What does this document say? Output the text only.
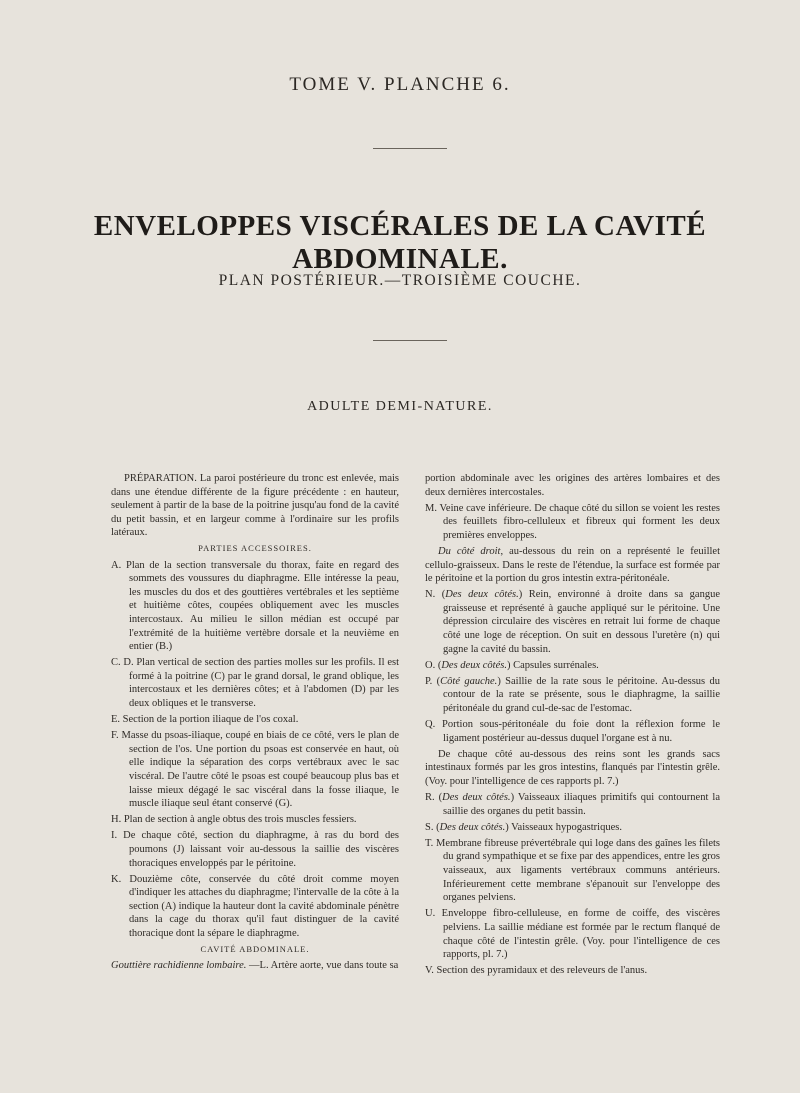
TOME V. PLANCHE 6.
ENVELOPPES VISCÉRALES DE LA CAVITÉ ABDOMINALE.
PLAN POSTÉRIEUR.—TROISIÈME COUCHE.
ADULTE DEMI-NATURE.

PRÉPARATION. La paroi postérieure du tronc est enlevée, mais dans une étendue différente de la figure précédente : en hauteur, seulement à partir de la base de la poitrine jusqu'au fond de la cavité du petit bassin, et en largeur comme à l'ordinaire sur les profils latéraux.

PARTIES ACCESSOIRES.

A. Plan de la section transversale du thorax, faite en regard des sommets des voussures du diaphragme. Elle intéresse la peau, les muscles du dos et des gouttières vertébrales et les septième et huitième côtes, coupées obliquement avec les muscles intercostaux. Au milieu le sillon médian est occupé par l'extrémité de la huitième vertèbre dorsale et la neuvième en entier (B.)

C. D. Plan vertical de section des parties molles sur les profils. Il est formé à la poitrine (C) par le grand dorsal, le grand oblique, les intercostaux et les dernières côtes; et à l'abdomen (D) par les deux obliques et le transverse.

E. Section de la portion iliaque de l'os coxal.

F. Masse du psoas-iliaque, coupé en biais de ce côté, vers le plan de section de l'os. Une portion du psoas est conservée en haut, où elle indique la séparation des corps vertébraux avec le sac viscéral. De l'autre côté le psoas est coupé beaucoup plus bas et laisse mieux dégagé le sac viscéral dans la fosse iliaque, le muscle iliaque seul étant conservé (G).

H. Plan de section à angle obtus des trois muscles fessiers.

I. De chaque côté, section du diaphragme, à ras du bord des poumons (J) laissant voir au-dessous la saillie des viscères thoraciques enveloppés par le péritoine.

K. Douzième côte, conservée du côté droit comme moyen d'indiquer les attaches du diaphragme; l'intervalle de la côte à la section (A) indique la hauteur dont la cavité abdominale pénètre dans la cage du thorax qu'il faut distinguer de la cavité thoracique dont la sépare le diaphragme.

CAVITÉ ABDOMINALE.

Gouttière rachidienne lombaire. —L. Artère aorte, vue dans toute sa

portion abdominale avec les origines des artères lombaires et des deux dernières intercostales.

M. Veine cave inférieure. De chaque côté du sillon se voient les restes des feuillets fibro-celluleux et fibreux qui forment les deux premières enveloppes.

Du côté droit, au-dessous du rein on a représenté le feuillet cellulo-graisseux. Dans le reste de l'étendue, la surface est formée par le péritoine et la portion du gros intestin extra-péritonéale.

N. (Des deux côtés.) Rein, environné à droite dans sa gangue graisseuse et représenté à gauche appliqué sur le péritoine. Une dépression circulaire des viscères en retrait lui forme de chaque côté une loge de réception. On suit en dessous l'uretère (n) qui gagne la cavité du bassin.

O. (Des deux côtés.) Capsules surrénales.

P. (Côté gauche.) Saillie de la rate sous le péritoine. Au-dessus du contour de la rate se présente, sous le diaphragme, la saillie péritonéale du grand cul-de-sac de l'estomac.

Q. Portion sous-péritonéale du foie dont la réflexion forme le ligament postérieur au-dessus duquel l'organe est à nu.

De chaque côté au-dessous des reins sont les grands sacs intestinaux formés par les gros intestins, flanqués par l'intestin grêle. (Voy. pour l'intelligence de ces rapports pl. 7.)

R. (Des deux côtés.) Vaisseaux iliaques primitifs qui contournent la saillie des organes du petit bassin.

S. (Des deux côtés.) Vaisseaux hypogastriques.

T. Membrane fibreuse prévertébrale qui loge dans des gaînes les filets du grand sympathique et se fixe par des appendices, entre les gros vaisseaux, aux ligaments vertébraux communs antérieurs. Inférieurement cette membrane s'épanouit sur l'enveloppe des organes pelviens.

U. Enveloppe fibro-celluleuse, en forme de coiffe, des viscères pelviens. La saillie médiane est formée par le rectum flanqué de chaque côté de l'intestin grêle. (Voy. pour l'intelligence de ces rapports, pl. 7.)

V. Section des pyramidaux et des releveurs de l'anus.
